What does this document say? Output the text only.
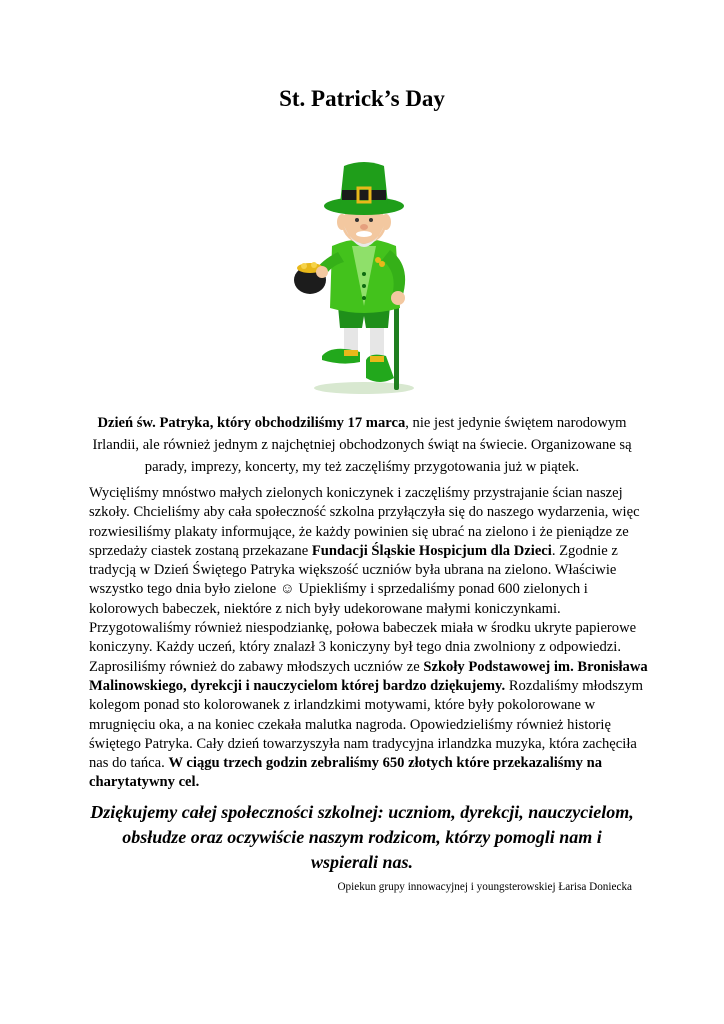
St. Patrick’s Day
Dzień św. Patryka, który obchodziliśmy 17 marca, nie jest jedynie świętem narodowym Irlandii, ale również jednym z najchętniej obchodzonych świąt na świecie. Organizowane są parady, imprezy, koncerty, my też zaczęliśmy przygotowania już w piątek.
Wycięliśmy mnóstwo małych zielonych koniczynek i zaczęliśmy przystrajanie ścian naszej szkoły. Chcieliśmy aby cała społeczność szkolna przyłączyła się do naszego wydarzenia, więc rozwiesiliśmy plakaty informujące, że każdy powinien się ubrać na zielono i że pieniądze ze sprzedaży ciastek zostaną przekazane Fundacji Śląskie Hospicjum dla Dzieci. Zgodnie z tradycją w Dzień Świętego Patryka większość uczniów była ubrana na zielono. Właściwie wszystko tego dnia było zielone ☺ Upiekliśmy i sprzedaliśmy ponad 600 zielonych i kolorowych babeczek, niektóre z nich były udekorowane małymi koniczynkami. Przygotowaliśmy również niespodziankę, połowa babeczek miała w środku ukryte papierowe koniczyny. Każdy uczeń, który znalazł 3 koniczyny był tego dnia zwolniony z odpowiedzi. Zaprosiliśmy również do zabawy młodszych uczniów ze Szkoły Podstawowej im. Bronisława Malinowskiego, dyrekcji i nauczycielom której bardzo dziękujemy. Rozdaliśmy młodszym kolegom ponad sto kolorowanek z irlandzkimi motywami, które były pokolorowane w mrugnięciu oka, a na koniec czekała malutka nagroda. Opowiedzieliśmy również historię świętego Patryka. Cały dzień towarzyszyła nam tradycyjna irlandzka muzyka, która zachęciła nas do tańca. W ciągu trzech godzin zebraliśmy 650 złotych które przekazaliśmy na charytatywny cel.
Dziękujemy całej społeczności szkolnej: uczniom, dyrekcji, nauczycielom, obsłudze oraz oczywiście naszym rodzicom, którzy pomogli nam i wspierali nas.
Opiekun grupy innowacyjnej i youngsterowskiej Łarisa Doniecka
